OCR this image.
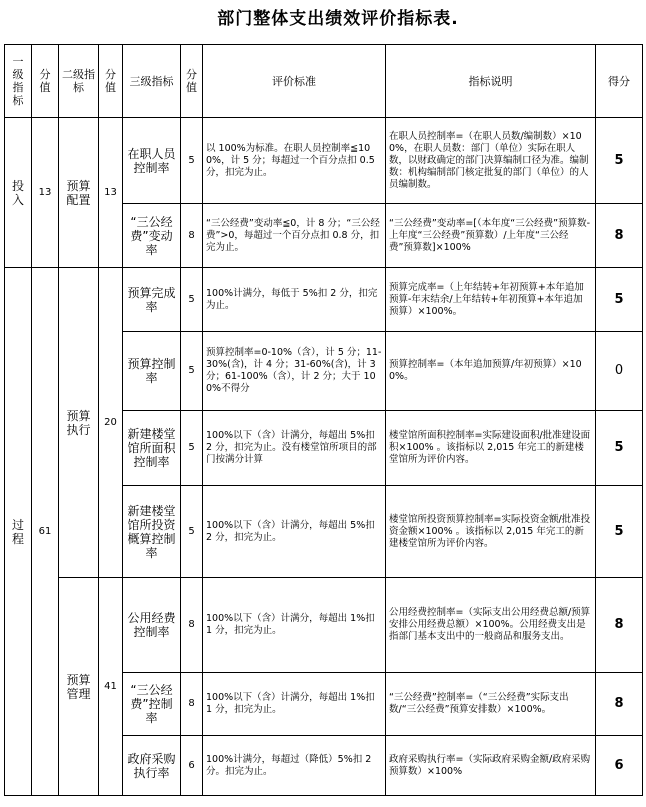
部门整体支出绩效评价指标表.
一级指标	分值	二级指标	分值	三级指标	分值	评价标准	指标说明	得分
投入	13	预算配置	13	在职人员控制率	5	以 100%为标准。在职人员控制率≦100%，计 5 分；每超过一个百分点扣 0.5 分，扣完为止。	在职人员控制率=（在职人员数/编制数）×100%，在职人员数：部门（单位）实际在职人数，以财政确定的部门决算编制口径为准。编制数：机构编制部门核定批复的部门（单位）的人员编制数。	5
				“三公经费”变动率	8	“三公经费”变动率≦0，计 8 分；“三公经费”>0，每超过一个百分点扣 0.8 分，扣完为止。	“三公经费”变动率=[（本年度“三公经费”预算数-上年度“三公经费”预算数）/上年度“三公经费”预算数]×100%	8
过程	61	预算执行	20	预算完成率	5	100%计满分，每低于 5%扣 2 分，扣完为止。	预算完成率=（上年结转+年初预算+本年追加预算-年末结余/上年结转+年初预算+本年追加预算）×100%。	5
				预算控制率	5	预算控制率=0-10%（含），计 5 分；11-30%(含)，计 4 分；31-60%(含)，计 3 分；61-100%（含），计 2 分；大于 100%不得分	预算控制率=（本年追加预算/年初预算）×100%。	0
				新建楼堂馆所面积控制率	5	100%以下（含）计满分，每超出 5%扣 2 分，扣完为止。没有楼堂馆所项目的部门按满分计算	楼堂馆所面积控制率=实际建设面积/批准建设面积×100% 。该指标以 2,015 年完工的新建楼堂馆所为评价内容。	5
				新建楼堂馆所投资概算控制率	5	100%以下（含）计满分，每超出 5%扣 2 分，扣完为止。	楼堂馆所投资预算控制率=实际投资金额/批准投资金额×100% 。该指标以 2,015 年完工的新建楼堂馆所为评价内容。	5
		预算管理	41	公用经费控制率	8	100%以下（含）计满分，每超出 1%扣 1 分，扣完为止。	公用经费控制率=（实际支出公用经费总额/预算安排公用经费总额）×100%。公用经费支出是指部门基本支出中的一般商品和服务支出。	8
				“三公经费”控制率	8	100%以下（含）计满分，每超出 1%扣 1 分，扣完为止。	“三公经费”控制率=（“三公经费”实际支出数/“三公经费”预算安排数）×100%。	8
				政府采购执行率	6	100%计满分，每超过（降低）5%扣 2 分。扣完为止。	政府采购执行率=（实际政府采购金额/政府采购预算数）×100%	6
